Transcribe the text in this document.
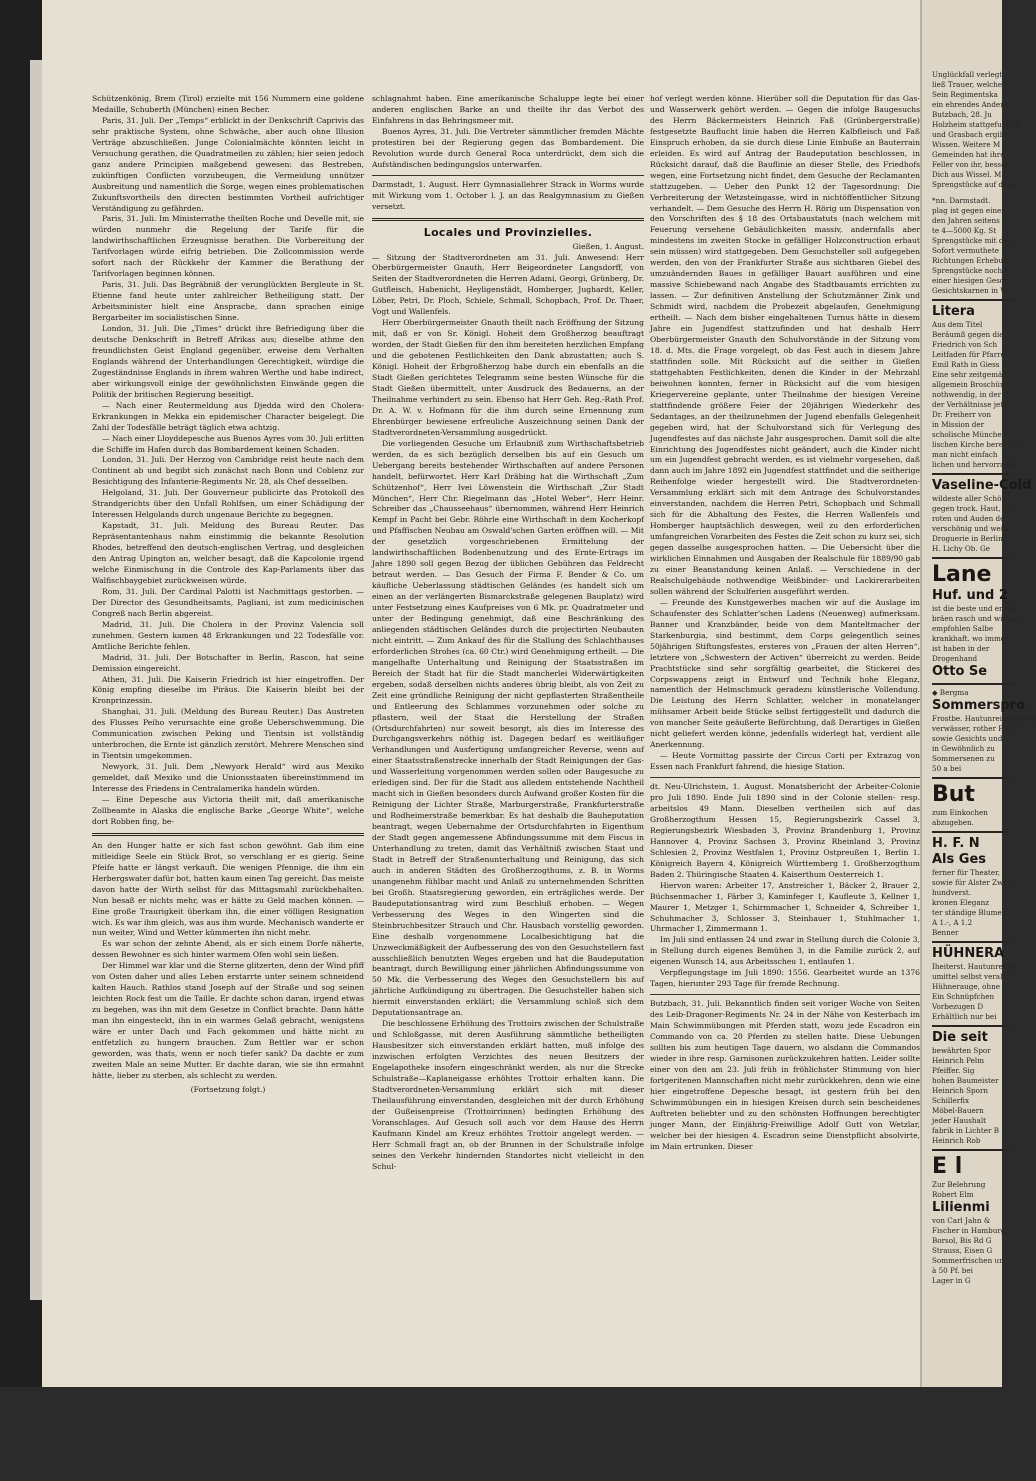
Schützenkönig, Brem (Tirol) erzielte mit 156 Nummern eine goldene Medaille, Schuberth (München) einen Becher.

Paris, 31. Juli. Der „Temps“ erblickt in der Denkschrift Caprivis das sehr praktische System, ohne Schwäche, aber auch ohne Illusion Verträge abzuschließen. Junge Colonialmächte könnten leicht in Versuchung gerathen, die Quadratmeilen zu zählen; hier seien jedoch ganz andere Principien maßgebend gewesen: das Bestreben, zukünftigen Conflicten vorzubeugen, die Vermeidung unnützer Ausbreitung und namentlich die Sorge, wegen eines problematischen Zukunftsvortheils den directen bestimmten Vortheil aufrichtiger Verständigung zu gefährden.

Paris, 31. Juli. Im Ministerrathe theilten Roche und Develle mit, sie würden nunmehr die Regelung der Tarife für die landwirthschaftlichen Erzeugnisse berathen. Die Vorbereitung der Tarifvorlagen würde eifrig betrieben. Die Zollcommission werde sofort nach der Rückkehr der Kammer die Berathung der Tarifvorlagen beginnen können.

Paris, 31. Juli. Das Begräbniß der verunglückten Bergleute in St. Etienne fand heute unter zahlreicher Betheiligung statt. Der Arbeitsminister hielt eine Ansprache, dann sprachen einige Bergarbeiter im socialistischen Sinne.

London, 31. Juli. Die „Times“ drückt ihre Befriedigung über die deutsche Denkschrift in Betreff Afrikas aus; dieselbe athme den freundlichsten Geist England gegenüber, erweise dem Verhalten Englands während der Unterhandlungen Gerechtigkeit, würdige die Zugeständnisse Englands in ihrem wahren Werthe und habe indirect, aber wirkungsvoll einige der gewöhnlichsten Einwände gegen die Politik der britischen Regierung beseitigt.

— Nach einer Reutermeldung aus Djedda wird den Cholera-Erkrankungen in Mekka ein epidemischer Character beigelegt. Die Zahl der Todesfälle beträgt täglich etwa achtzig.

— Nach einer Lloyddepesche aus Buenos Ayres vom 30. Juli erlitten die Schiffe im Hafen durch das Bombardement keinen Schaden.

London, 31. Juli. Der Herzog von Cambridge reist heute nach dem Continent ab und begibt sich zunächst nach Bonn und Coblenz zur Besichtigung des Infanterie-Regiments Nr. 28, als Chef desselben.

Helgoland, 31. Juli. Der Gouverneur publicirte das Protokoll des Strandgerichts über den Unfall Rohlfsen, um einer Schädigung der Interessen Helgolands durch ungenaue Berichte zu begegnen.

Kapstadt, 31. Juli. Meldung des Bureau Reuter. Das Repräsentantenhaus nahm einstimmig die bekannte Resolution Rhodes, betreffend den deutsch-englischen Vertrag, und desgleichen den Antrag Upington an, welcher besagt, daß die Kapcolonie irgend welche Einmischung in die Controle des Kap-Parlaments über das Walfischbaygebiet zurückweisen würde.

Rom, 31. Juli. Der Cardinal Palotti ist Nachmittags gestorben. — Der Director des Gesundheitsamts, Pagliani, ist zum medicinischen Congreß nach Berlin abgereist.

Madrid, 31. Juli. Die Cholera in der Provinz Valencia soll zunehmen. Gestern kamen 48 Erkrankungen und 22 Todesfälle vor. Amtliche Berichte fehlen.

Madrid, 31. Juli. Der Botschafter in Berlin, Rascon, hat seine Demission eingereicht.

Athen, 31. Juli. Die Kaiserin Friedrich ist hier eingetroffen. Der König empfing dieselbe im Piräus. Die Kaiserin bleibt bei der Kronprinzessin.

Shanghai, 31. Juli. (Meldung des Bureau Reuter.) Das Austreten des Flusses Peiho verursachte eine große Ueberschwemmung. Die Communication zwischen Peking und Tientsin ist vollständig unterbrochen, die Ernte ist gänzlich zerstört. Mehrere Menschen sind in Tientsin umgekommen.

Newyork, 31. Juli. Dem „Newyork Herald“ wird aus Mexiko gemeldet, daß Mexiko und die Unionsstaaten übereinstimmend im Interesse des Friedens in Centralamerika handeln würden.

— Eine Depesche aus Victoria theilt mit, daß amerikanische Zollbeamte in Alaska die englische Barke „George White“, welche dort Robben fing, be-

An den Hunger hatte er sich fast schon gewöhnt. Gab ihm eine mitleidige Seele ein Stück Brot, so verschlang er es gierig. Seine Pfeife hatte er längst verkauft. Die wenigen Pfennige, die ihm ein Herbergswater dafür bot, hatten kaum einen Tag gereicht. Das meiste davon hatte der Wirth selbst für das Mittagsmahl zurückbehalten. Nun besaß er nichts mehr, was er hätte zu Geld machen können. — Eine große Traurigkeit überkam ihn, die einer völligen Resignation wich. Es war ihm gleich, was aus ihm wurde. Mechanisch wanderte er nun weiter, Wind und Wetter kümmerten ihn nicht mehr.

Es war schon der zehnte Abend, als er sich einem Dorfe näherte, dessen Bewohner es sich hinter warmem Ofen wohl sein ließen.

Der Himmel war klar und die Sterne glitzerten, denn der Wind pfiff von Osten daher und alles Leben erstarrte unter seinem schneidend kalten Hauch. Rathlos stand Joseph auf der Straße und sog seinen leichten Rock fest um die Taille. Er dachte schon daran, irgend etwas zu begehen, was ihn mit dem Gesetze in Conflict brachte. Dann hätte man ihn eingesteckt, ihn in ein warmes Gelaß gebracht, wenigstens wäre er unter Dach und Fach gekommen und hätte nicht zu entfetzlich zu hungern brauchen. Zum Bettler war er schon geworden, was thats, wenn er noch tiefer sank? Da dachte er zum zweiten Male an seine Mutter. Er dachte daran, wie sie ihn ermahnt hätte, lieber zu sterben, als schlecht zu werden.

(Fortsetzung folgt.)

schlagnahmt haben. Eine amerikanische Schaluppe legte bei einer anderen englischen Barke an und theilte ihr das Verbot des Einfahrens in das Behringsmeer mit.

Buenos Ayres, 31. Juli. Die Vertreter sämmtlicher fremden Mächte protestiren bei der Regierung gegen das Bombardement. Die Revolution wurde durch General Roca unterdrückt, dem sich die Aufständischen bedingungslos unterwarfen.

Darmstadt, 1. August. Herr Gymnasiallehrer Strack in Worms wurde mit Wirkung vom 1. October l. J. an das Realgymnasium zu Gießen versetzt.

Locales und Provinzielles.
Gießen, 1. August.

— Sitzung der Stadtverordneten am 31. Juli. Anwesend: Herr Oberbürgermeister Gnauth, Herr Beigeordneter Langsdorff, von Seiten der Stadtverordneten die Herren Adami, Georgi, Grünberg, Dr. Gutfleisch, Habenicht, Heyligenstädt, Homberger, Jughardt, Keller, Löber, Petri, Dr. Ploch, Schiele, Schmall, Schopbach, Prof. Dr. Thaer, Vogt und Wallenfels.

Herr Oberbürgermeister Gnauth theilt nach Eröffnung der Sitzung mit, daß er von Sr. Königl. Hoheit dem Großherzog beauftragt worden, der Stadt Gießen für den ihm bereiteten herzlichen Empfang und die gebotenen Festlichkeiten den Dank abzustatten; auch S. Königl. Hoheit der Erbgroßherzog habe durch ein ebenfalls an die Stadt Gießen gerichtetes Telegramm seine besten Wünsche für die Stadt Gießen übermittelt, unter Ausdruck des Bedauerns, an der Theilnahme verhindert zu sein. Ebenso hat Herr Geh. Reg.-Rath Prof. Dr. A. W. v. Hofmann für die ihm durch seine Ernennung zum Ehrenbürger bewiesene erfreuliche Auszeichnung seinen Dank der Stadtverordneten-Versammlung ausgedrückt.

Die vorliegenden Gesuche um Erlaubniß zum Wirthschaftsbetrieb werden, da es sich bezüglich derselben bis auf ein Gesuch um Uebergang bereits bestehender Wirthschaften auf andere Personen handelt, befürwortet. Herr Karl Dräbing hat die Wirthschaft „Zum Schützenhof“, Herr Ivei Löwenstein die Wirthschaft „Zur Stadt München“, Herr Chr. Riegelmann das „Hotel Weber“, Herr Heinr. Schreiber das „Chausseehaus“ übernommen, während Herr Heinrich Kempf in Pacht bei Gebr. Röhrle eine Wirthschaft in dem Kocherkopf und Pfaffischen Neubau am Oswald'schen Garten eröffnen will. — Mit der gesetzlich vorgeschriebenen Ermittelung der landwirthschaftlichen Bodenbenutzung und des Ernte-Ertrags im Jahre 1890 soll gegen Bezug der üblichen Gebühren das Feldrecht betraut werden. — Das Gesuch der Firma F. Bender & Co. um käufliche Ueberlassung städtischen Geländes (es handelt sich um einen an der verlängerten Bismarckstraße gelegenen Bauplatz) wird unter Festsetzung eines Kaufpreises von 6 Mk. pr. Quadratmeter und unter der Bedingung genehmigt, daß eine Beschränkung des anliegenden städtischen Geländes durch die projectirten Neubauten nicht eintritt. — Zum Ankauf des für die Stallung des Schlachthauses erforderlichen Strohes (ca. 60 Ctr.) wird Genehmigung ertheilt. — Die mangelhafte Unterhaltung und Reinigung der Staatsstraßen im Bereich der Stadt hat für die Stadt mancherlei Widerwärtigkeiten ergeben, sodaß derselben nichts anderes übrig bleibt, als von Zeit zu Zeit eine gründliche Reinigung der nicht gepflasterten Straßentheile und Entleerung des Schlammes vorzunehmen oder solche zu pflastern, weil der Staat die Herstellung der Straßen (Ortsdurchfahrten) nur soweit besorgt, als dies im Interesse des Durchgangsverkehrs nöthig ist. Dagegen bedarf es weitläufiger Verhandlungen und Ausfertigung umfangreicher Reverse, wenn auf einer Staatsstraßenstrecke innerhalb der Stadt Reinigungen der Gas- und Wasserleitung vorgenommen werden sollen oder Baugesuche zu erledigen sind. Der für die Stadt aus alledem entstehende Nachtheil macht sich in Gießen besonders durch Aufwand großer Kosten für die Reinigung der Lichter Straße, Marburgerstraße, Frankfurterstraße und Rodheimerstraße bemerkbar. Es hat deshalb die Bauheputation beantragt, wegen Uebernahme der Ortsdurchfahrten in Eigenthum der Stadt gegen angemessene Abfindungssumme mit dem Fiscus in Unterhandlung zu treten, damit das Verhältniß zwischen Staat und Stadt in Betreff der Straßenunterhaltung und Reinigung, das sich auch in anderen Städten des Großherzogthums, z. B. in Worms unangenehm fühlbar macht und Anlaß zu unternehmenden Schritten bei Großh. Staatsregierung geworden, ein erträgliches werde. Der Baudeputationsantrag wird zum Beschluß erhoben. — Wegen Verbesserung des Weges in den Wingerten sind die Steinbruchbesitzer Strauch und Chr. Hausbach vorstellig geworden. Eine deshalb vorgenommene Localbesichtigung hat die Unzweckmäßigkeit der Aufbesserung des von den Gesuchstellern fast ausschließlich benutzten Weges ergeben und hat die Baudeputation beantragt, durch Bewilligung einer jährlichen Abfindungssumme von 50 Mk. die Verbesserung des Weges den Gesuchstellern bis auf jährliche Aufkündigung zu übertragen. Die Gesuchsteller haben sich hiermit einverstanden erklärt; die Versammlung schloß sich dem Deputationsantrage an.

Die beschlossene Erhöhung des Trottoirs zwischen der Schulstraße und Schloßgasse, mit deren Ausführung sämmtliche betheiligten Hausbesitzer sich einverstanden erklärt hatten, muß infolge des inzwischen erfolgten Verzichtes des neuen Besitzers der Engelapotheke insofern eingeschränkt werden, als nur die Strecke Schulstraße—Kaplaneigasse erhöhtes Trottoir erhalten kann. Die Stadtverordneten-Versammlung erklärt sich mit dieser Theilausführung einverstanden, desgleichen mit der durch Erhöhung der Gußeisenpreise (Trottoirrinnen) bedingten Erhöhung des Voranschlages. Auf Gesuch soll auch vor dem Hause des Herrn Kaufmann Kindel am Kreuz erhöhtes Trottoir angelegt werden. — Herr Schmall fragt an, ob der Brunnen in der Schulstraße infolge seines den Verkehr hindernden Standortes nicht vielleicht in den Schul-

hof verlegt werden könne. Hierüber soll die Deputation für das Gas- und Wasserwerk gehört werden. — Gegen die infolge Baugesuchs des Herrn Bäckermeisters Heinrich Faß (Grünbergerstraße) festgesetzte Bauflucht linie haben die Herren Kalbfleisch und Faß Einspruch erhoben, da sie durch diese Linie Einbuße an Bauterrain erleiden. Es wird auf Antrag der Baudeputation beschlossen, in Rücksicht darauf, daß die Bauflinie an dieser Stelle, des Friedhofs wegen, eine Fortsetzung nicht findet, dem Gesuche der Reclamanten stattzugeben. — Ueber den Punkt 12 der Tagesordnung: Die Verbreiterung der Wetzsteingasse, wird in nichtöffentlicher Sitzung verhandelt. — Dem Gesuche des Herrn H. Rörig um Dispensation von den Vorschriften des § 18 des Ortsbaustatuts (nach welchem mit Feuerung versehene Gebäulichkeiten massiv, andernfalls aber mindestens im zweiten Stocke in gefälliger Holzconstruction erbaut sein müssen) wird stattgegeben. Dem Gesuchsteller soll aufgegeben werden, den von der Frankfurter Straße aus sichtbaren Giebel des umzuändernden Baues in gefälliger Bauart ausführen und eine massive Schiebewand nach Angabe des Stadtbauamts errichten zu lassen. — Zur definitiven Anstellung der Schutzmänner Zink und Schmidt wird, nachdem die Probezeit abgelaufen, Genehmigung ertheilt. — Nach dem bisher eingehaltenen Turnus hätte in diesem Jahre ein Jugendfest stattzufinden und hat deshalb Herr Oberbürgermeister Gnauth den Schulvorstände in der Sitzung vom 18. d. Mts. die Frage vorgelegt, ob das Fest auch in diesem Jahre stattfinden solle. Mit Rücksicht auf die seither in Gießen stattgehabten Festlichkeiten, denen die Kinder in der Mehrzahl beiwohnen konnten, ferner in Rücksicht auf die vom hiesigen Kriegervereine geplante, unter Theilnahme der hiesigen Vereine stattfindende größere Feier der 20jährigen Wiederkehr des Sedantages, an der theilzunehmen der Jugend ebenfalls Gelegenheit gegeben wird, hat der Schulvorstand sich für Verlegung des Jugendfestes auf das nächste Jahr ausgesprochen. Damit soll die alte Einrichtung des Jugendfestes nicht geändert, auch die Kinder nicht um ein Jugendfest gebracht werden, es ist vielmehr vorgesehen, daß dann auch im Jahre 1892 ein Jugendfest stattfindet und die seitherige Reihenfolge wieder hergestellt wird. Die Stadtverordneten-Versammlung erklärt sich mit dem Antrage des Schulvorstandes einverstanden, nachdem die Herren Petri, Schopbach und Schmall sich für die Abhaltung des Festes, die Herren Wallenfels und Homberger hauptsächlich deswegen, weil zu den erforderlichen umfangreichen Vorarbeiten des Festes die Zeit schon zu kurz sei, sich gegen dasselbe ausgesprochen hatten. — Die Uebersicht über die wirklichen Einnahmen und Ausgaben der Realschule für 1889/90 gab zu einer Beanstandung keinen Anlaß. — Verschiedene in der Realschulgebäude nothwendige Weißbinder- und Lackirerarbeiten sollen während der Schulferien ausgeführt werden.

— Freunde des Kunstgewerbes machen wir auf die Auslage im Schaufenster des Schlatter'schen Ladens (Neuenweg) aufmerksam. Banner und Kranzbänder, beide von dem Manteltmacher der Starkenburgia, sind bestimmt, dem Corps gelegentlich seines 50jährigen Stiftungsfestes, ersteres von „Frauen der alten Herren“, letztere von „Schwestern der Activen“ überreicht zu werden. Beide Prachtstücke sind sehr sorgfältig gearbeitet, die Stickerei des Corpswappens zeigt in Entwurf und Technik hohe Eleganz, namentlich der Helmschmuck geradezu künstlerische Vollendung. Die Leistung des Herrn Schlatter, welcher in monatelanger mühsamer Arbeit beide Stücke selbst fertiggestellt und dadurch die von mancher Seite geäußerte Befürchtung, daß Derartiges in Gießen nicht geliefert werden könne, jedenfalls widerlegt hat, verdient alle Anerkennung.

— Heute Vormittag passirte der Circus Corti per Extrazug von Essen nach Frankfurt fahrend, die hiesige Station.

dt. Neu-Ulrichstein, 1. August. Monatsbericht der Arbeiter-Colonie pro Juli 1890. Ende Juli 1890 sind in der Colonie stellen- resp. arbeitslos 49 Mann. Dieselben vertheilen sich auf das Großherzogthum Hessen 15, Regierungsbezirk Cassel 3, Regierungsbezirk Wiesbaden 3, Provinz Brandenburg 1, Provinz Hannover 4, Provinz Sachsen 3, Provinz Rheinland 3, Provinz Schlesien 2, Provinz Westfalen 1, Provinz Ostpreußen 1, Berlin 1. Königreich Bayern 4, Königreich Württemberg 1. Großherzogthum Baden 2. Thüringische Staaten 4. Kaiserthum Oesterreich 1.

Hiervon waren: Arbeiter 17, Anstreicher 1, Bäcker 2, Brauer 2, Büchsenmacher 1, Färber 3, Kaminfeger 1, Kaufleute 3, Kellner 1, Maurer 1, Metzger 1, Schirmmacher 1, Schneider 4, Schreiber 1, Schuhmacher 3, Schlosser 3, Steinhauer 1, Stuhlmacher 1, Uhrmacher 1, Zimmermann 1.

Im Juli sind entlassen 24 und zwar in Stellung durch die Colonie 3, in Stellung durch eigenes Bemühen 3, in die Familie zurück 2, auf eigenen Wunsch 14, aus Arbeitsscheu 1, entlaufen 1.

Verpflegungstage im Juli 1890: 1556. Gearbeitet wurde an 1376 Tagen, hierunter 293 Tage für fremde Rechnung.

Butzbach, 31. Juli. Bekanntlich finden seit voriger Woche von Seiten des Leib-Dragoner-Regiments Nr. 24 in der Nähe von Kesterbach im Main Schwimmübungen mit Pferden statt, wozu jede Escadron ein Commando von ca. 20 Pferden zu stellen hatte. Diese Uebungen sollten bis zum heutigen Tage dauern, wo alsdann die Commandos wieder in ihre resp. Garnisonen zurückzukehren hatten. Leider sollte einer von den am 23. Juli früh in fröhlichster Stimmung von hier fortgeritenen Mannschaften nicht mehr zurückkehren, denn wie eine hier eingetroffene Depesche besagt, ist gestern früh bei den Schwimmübungen ein in hiesigen Kreisen durch sein bescheidenes Auftreten beliebter und zu den schönsten Hoffnungen berechtigter junger Mann, der Einjährig-Freiwillige Adolf Gutt von Wetzlar, welcher bei der hiesigen 4. Escadron seine Dienstpflicht absolvirte, im Main ertrunken. Dieser

Unglückfall verlegt
ließ Trauer, welche
Sein Regimentska
ein ehrendes Andenk
Butzbach, 28. Ju
Holzheim stattgefunden
und Grasbach ergibt
Wissen. Weitere M
Gemeinden hat ihre
Feller von ihr, besser
Dich aus Wissel. M
Sprengstücke auf dem
*nn. Darmstadt.
plag ist gegen einen
den Jahren seitens d
te 4—5000 Kg. St
Sprengstücke mit den
Sofort vermuthete
Richtungen Erhebun
Sprengstücke noch v
einer hiesigen Gesch
Gesichtskarnen in W
Litera
Aus dem Titel
Beräumß gegen die
Friedrich von Sch
Leitfaden für Pfarre
Emil Rath in Giess
Eine sehr zeitgemäß
allgemein Broschüre
nothwendig, in der
der Verhältnisse jetz
Dr. Freiherr von
in Mission der
scholische München
lischen Kirche berechtig
man nicht einfach
lichen und hervorragen
Vaseline-Cold
wildeste aller Schön
gegen trock. Haut, an
roten und Auden de
verschönig und weiß
Droguerie in Berlin,
H. Lichy Ob. Ge
Lane
Huf. und 2
ist die beste und erfolg
bräen rasch und wirksa
empfohlen Salbe
krankhaft. wo immer
ist haben in der
Drogenhand
Otto Se
◆ Bergma
Sommerspro
Frostbe. Hautunreinigkeiten
verwässer, rother Flec
sowie Gesichts und
in Gewöhnlich zu
Sommersenen zu
50 a bei
But
zum Einkochen
abzugeben.
H. F. N
Als Ges
ferner für Theater, a
sowie für Alster Zweck
hundverst.
kronen Eleganz
ter ständige Blumen
A 1.-, A 1.2
Benner
HÜHNERA
Iheiterst. Hautunreinig
umittel selbst veralt
Hühnerauge, ohne
Ein Schnüpfchen
Vorbezugen D
Erhältlich nur bei
Die seit
bewährten Spor
Heinrich Pelm
Pfeiffer. Sig
hohen Baumeister
Heinrich Sporn
Schillerfix
Möbel-Bauern
jeder Haushalt
fabrik in Lichter B
Heinrich Rob
E l
Zur Belehrung
Robert Elm
Lilienmi
von Carl Jahn &
Fischer in Hamburg,
Borsol, Bis Rd G
Strauss, Eisen G
Sommerfrischen un
à 50 Pf. bei
Lager in G
